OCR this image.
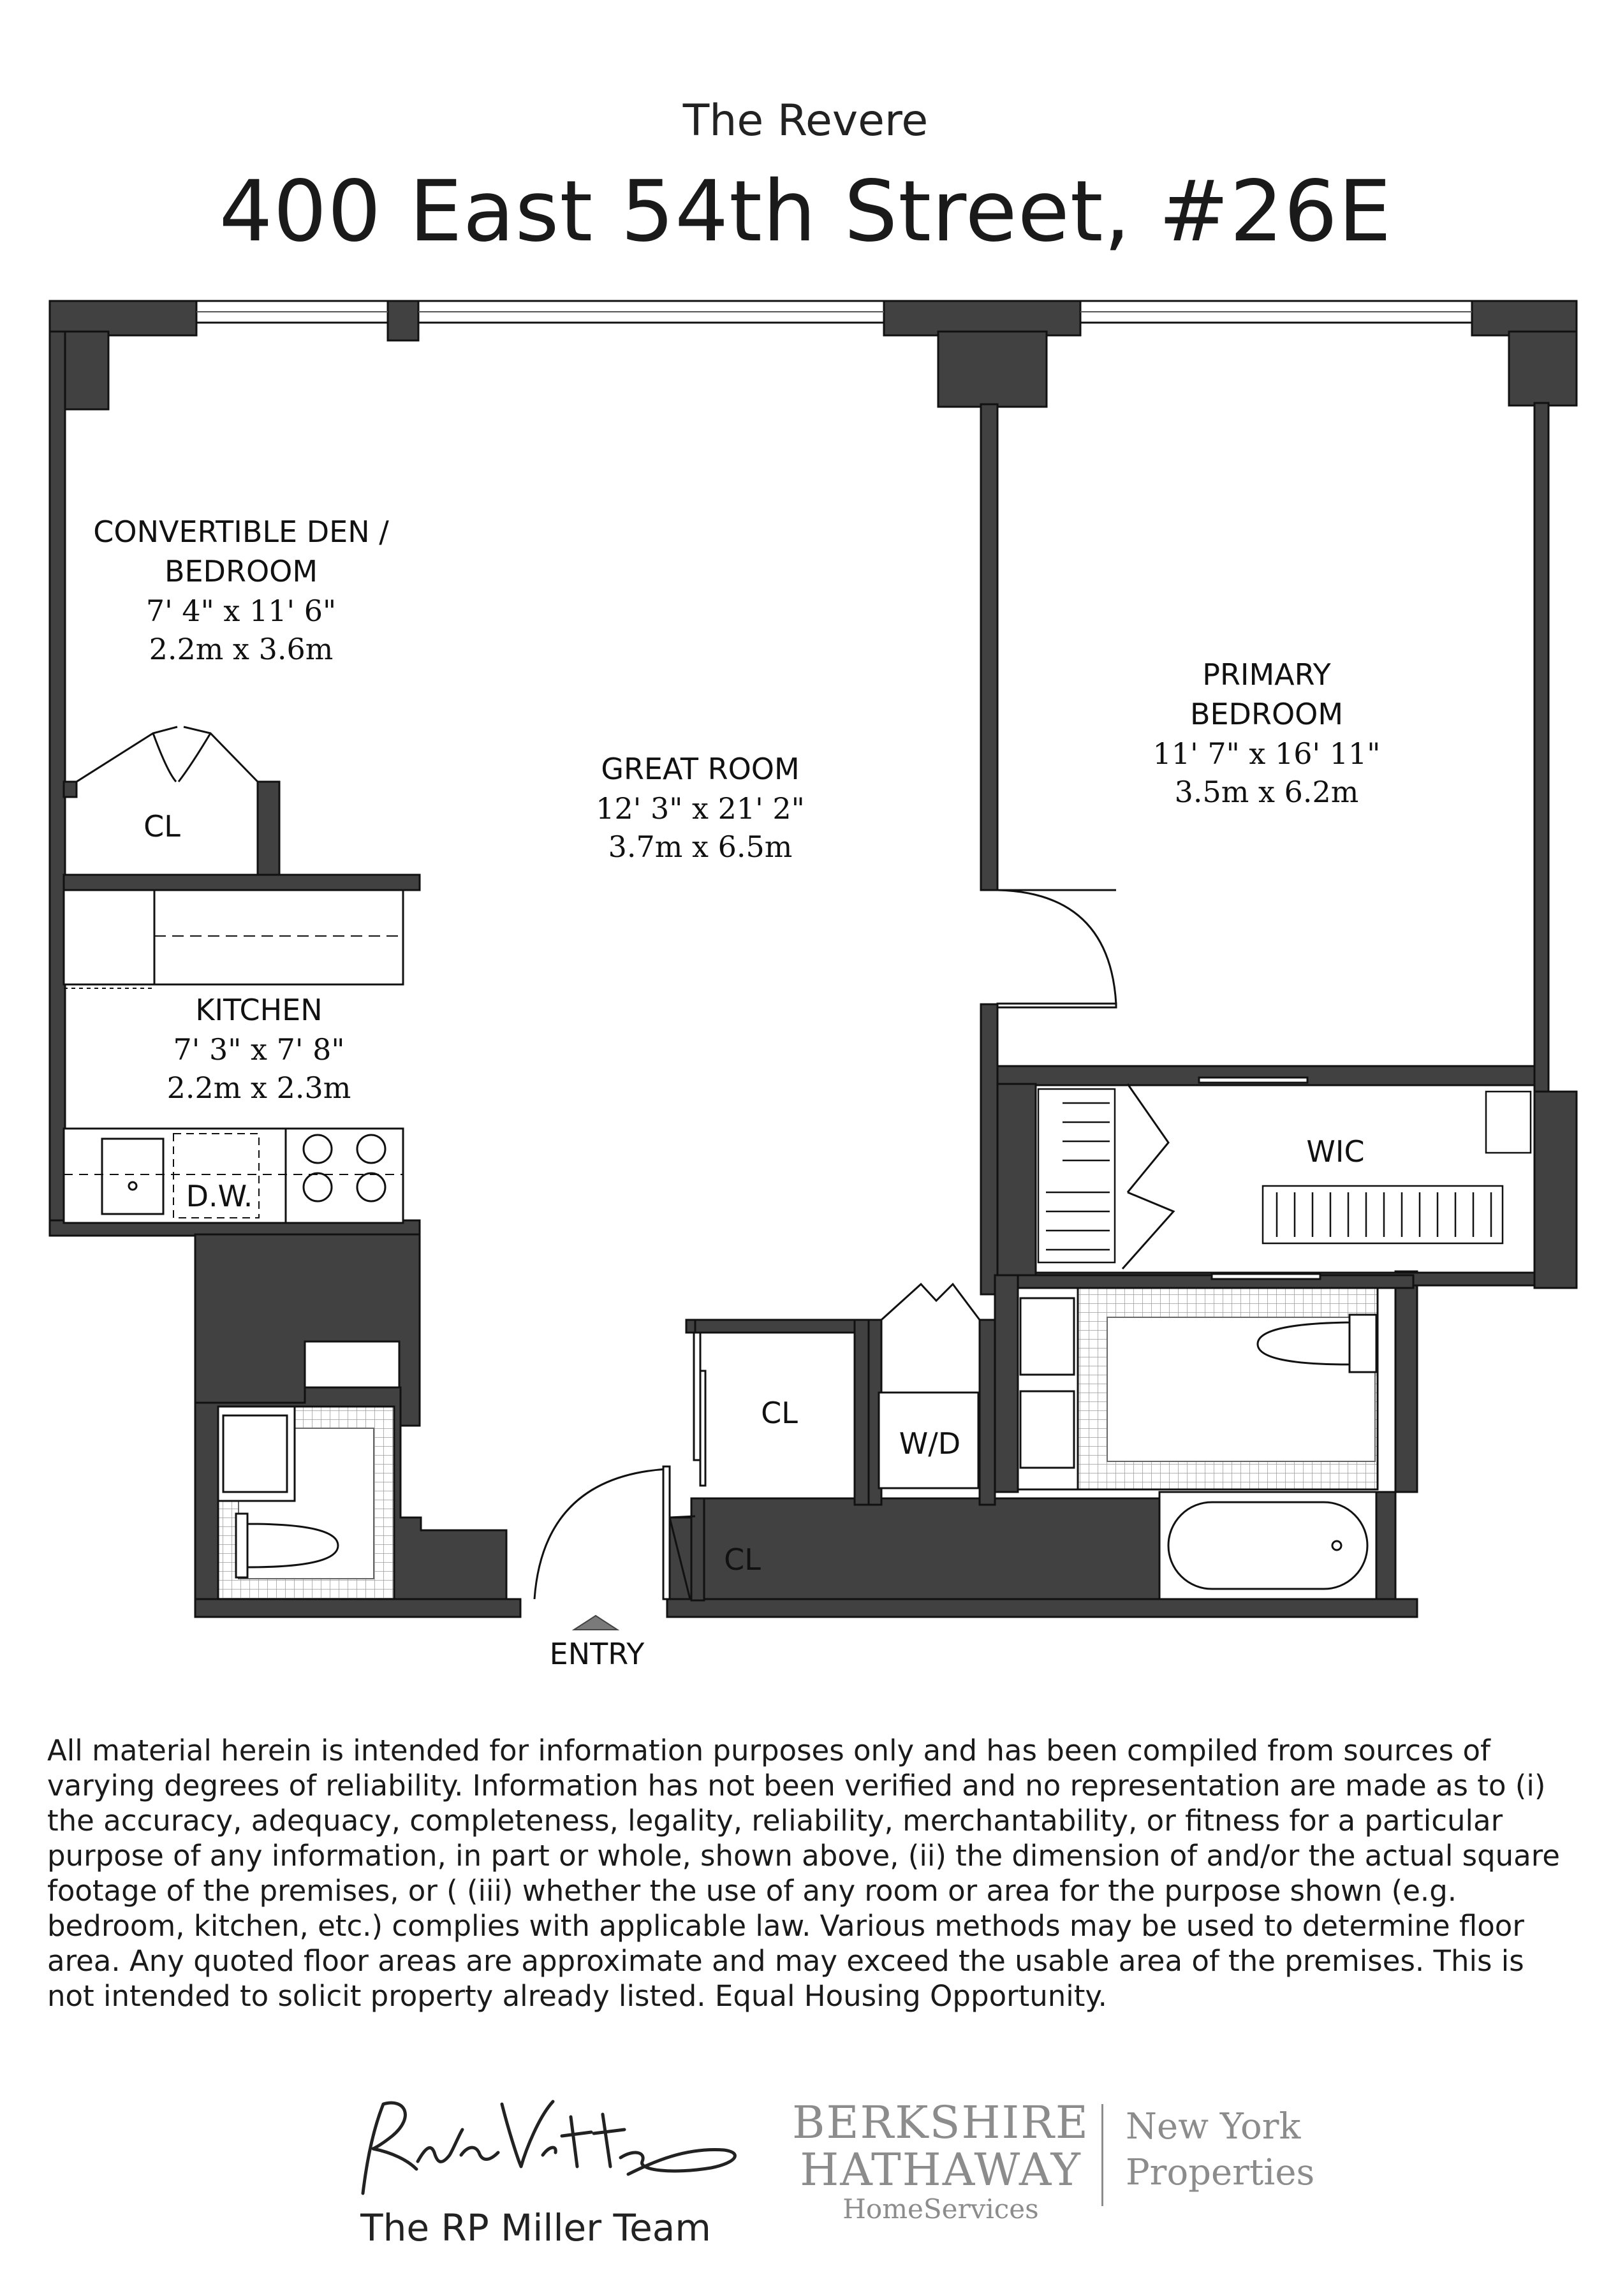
The Revere
400 East 54th Street, #26E
CONVERTIBLE DEN /
BEDROOM
7' 4" x 11' 6"
2.2m x 3.6m
CL
GREAT ROOM
12' 3" x 21' 2"
3.7m x 6.5m
PRIMARY
BEDROOM
11' 7" x 16' 11"
3.5m x 6.2m
KITCHEN
7' 3" x 7' 8"
2.2m x 2.3m
D.W.
WIC
CL
W/D
CL
ENTRY
All material herein is intended for information purposes only and has been compiled from sources of varying degrees of reliability. Information has not been verified and no representation are made as to (i) the accuracy, adequacy, completeness, legality, reliability, merchantability, or fitness for a particular purpose of any information, in part or whole, shown above, (ii) the dimension of and/or the actual square footage of the premises, or ( (iii) whether the use of any room or area for the purpose shown (e.g. bedroom, kitchen, etc.) complies with applicable law. Various methods may be used to determine floor area. Any quoted floor areas are approximate and may exceed the usable area of the premises. This is not intended to solicit property already listed. Equal Housing Opportunity.
The RP Miller Team
BERKSHIRE
HATHAWAY
HomeServices
New York
Properties
